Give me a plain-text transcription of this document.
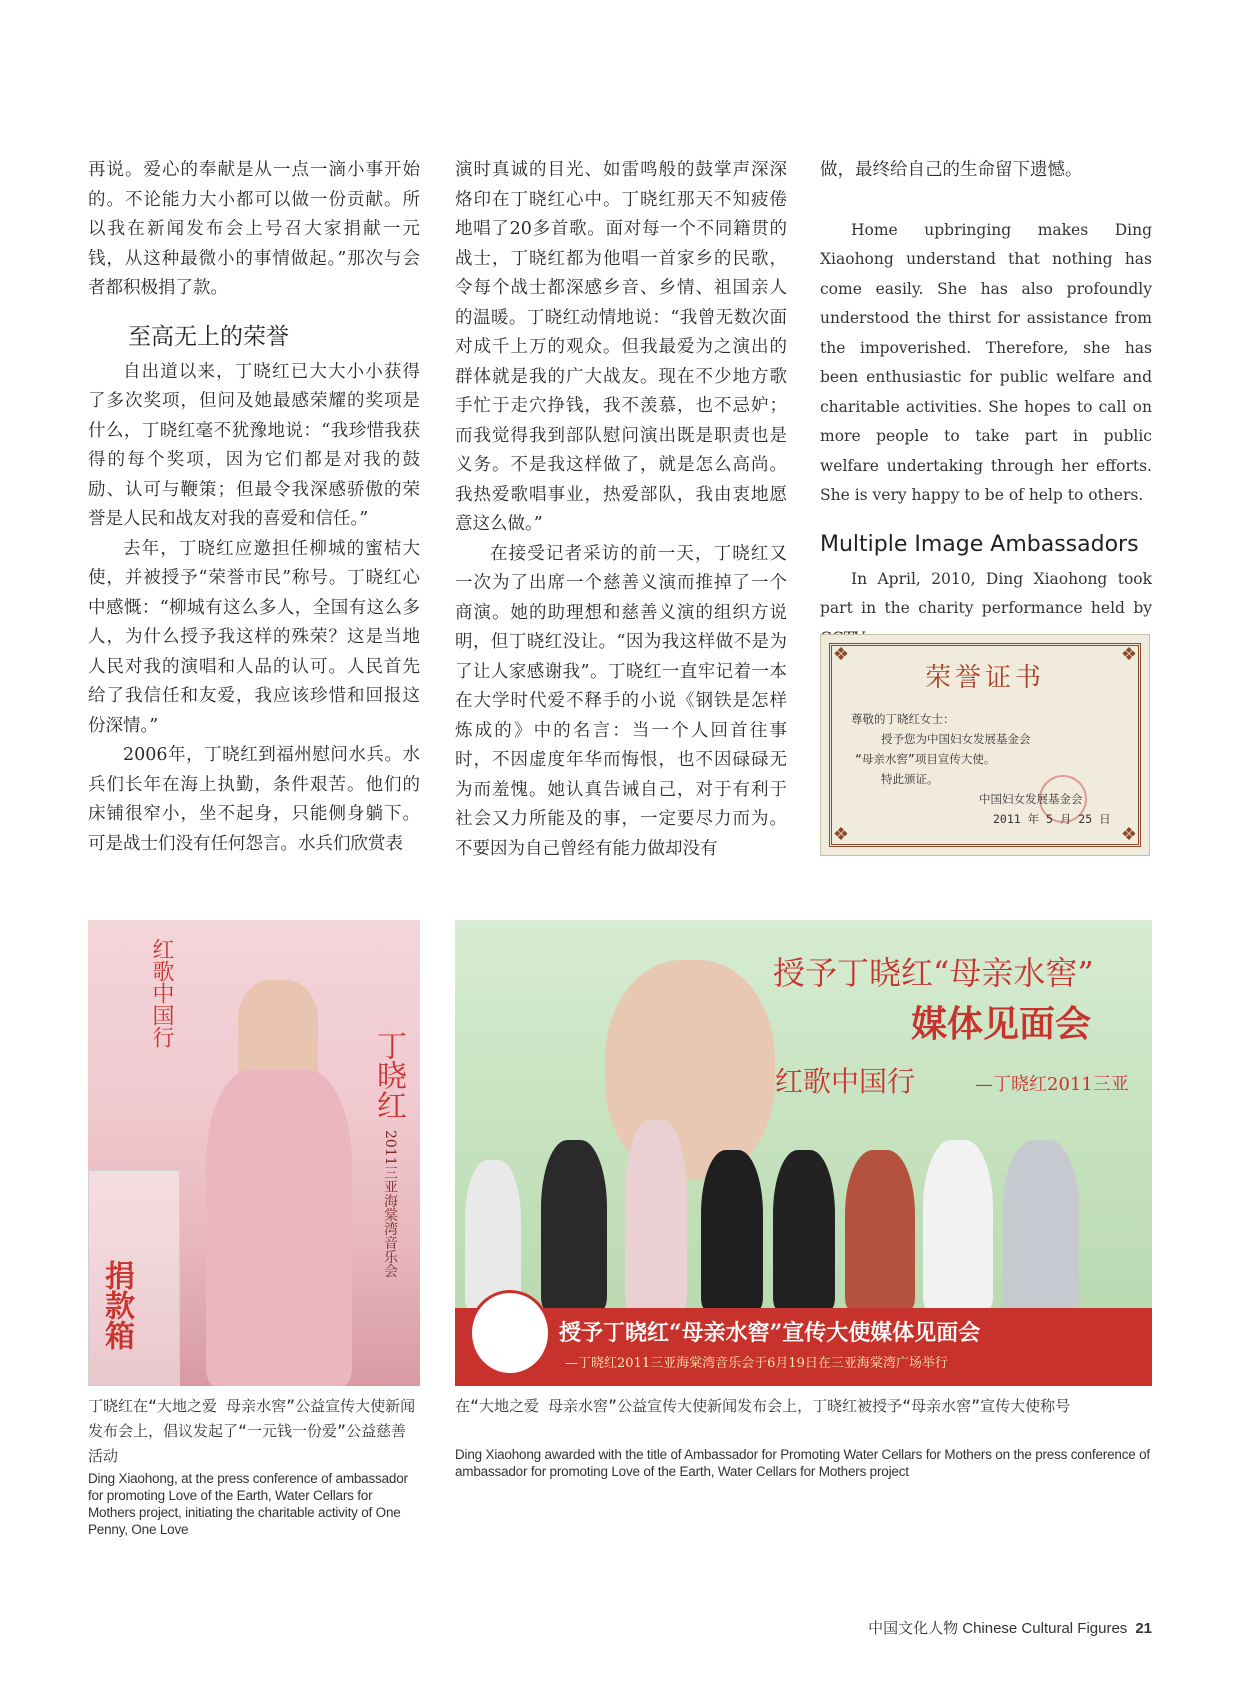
再说。爱心的奉献是从一点一滴小事开始的。不论能力大小都可以做一份贡献。所以我在新闻发布会上号召大家捐献一元钱，从这种最微小的事情做起。”那次与会者都积极捐了款。

至高无上的荣誉

自出道以来，丁晓红已大大小小获得了多次奖项，但问及她最感荣耀的奖项是什么，丁晓红毫不犹豫地说：“我珍惜我获得的每个奖项，因为它们都是对我的鼓励、认可与鞭策；但最令我深感骄傲的荣誉是人民和战友对我的喜爱和信任。”

去年，丁晓红应邀担任柳城的蜜桔大使，并被授予“荣誉市民”称号。丁晓红心中感慨：“柳城有这么多人，全国有这么多人，为什么授予我这样的殊荣？这是当地人民对我的演唱和人品的认可。人民首先给了我信任和友爱，我应该珍惜和回报这份深情。”

2006年，丁晓红到福州慰问水兵。水兵们长年在海上执勤，条件艰苦。他们的床铺很窄小，坐不起身，只能侧身躺下。可是战士们没有任何怨言。水兵们欣赏表

演时真诚的目光、如雷鸣般的鼓掌声深深烙印在丁晓红心中。丁晓红那天不知疲倦地唱了20多首歌。面对每一个不同籍贯的战士，丁晓红都为他唱一首家乡的民歌，令每个战士都深感乡音、乡情、祖国亲人的温暖。丁晓红动情地说：“我曾无数次面对成千上万的观众。但我最爱为之演出的群体就是我的广大战友。现在不少地方歌手忙于走穴挣钱，我不羡慕，也不忌妒；而我觉得我到部队慰问演出既是职责也是义务。不是我这样做了，就是怎么高尚。我热爱歌唱事业，热爱部队，我由衷地愿意这么做。”

在接受记者采访的前一天，丁晓红又一次为了出席一个慈善义演而推掉了一个商演。她的助理想和慈善义演的组织方说明，但丁晓红没让。“因为我这样做不是为了让人家感谢我”。丁晓红一直牢记着一本在大学时代爱不释手的小说《钢铁是怎样炼成的》中的名言：当一个人回首往事时，不因虚度年华而悔恨，也不因碌碌无为而羞愧。她认真告诫自己，对于有利于社会又力所能及的事，一定要尽力而为。不要因为自己曾经有能力做却没有

做，最终给自己的生命留下遗憾。

Home upbringing makes Ding Xiaohong understand that nothing has come easily. She has also profoundly understood the thirst for assistance from the impoverished. Therefore, she has been enthusiastic for public welfare and charitable activities. She hopes to call on more people to take part in public welfare undertaking through her efforts. She is very happy to be of help to others.

Multiple Image Ambassadors

In April, 2010, Ding Xiaohong took part in the charity performance held by

❖	❖
❖	❖
荣誉证书
尊敬的丁晓红女士：
授予您为中国妇女发展基金会
“母亲水窖”项目宣传大使。
特此颁证。
中国妇女发展基金会
2011 年 5 月 25 日
红歌中国行
丁晓红
2011三亚海棠湾音乐会
捐款箱
授予丁晓红“母亲水窖”
媒体见面会
红歌中国行	—丁晓红2011三亚
授予丁晓红“母亲水窖”宣传大使媒体见面会
—丁晓红2011三亚海棠湾音乐会于6月19日在三亚海棠湾广场举行
丁晓红在“大地之爱 母亲水窖”公益宣传大使新闻发布会上，倡议发起了“一元钱一份爱”公益慈善活动
Ding Xiaohong, at the press conference of ambassador for promoting Love of the Earth, Water Cellars for Mothers project, initiating the charitable activity of One Penny, One Love
在“大地之爱 母亲水窖”公益宣传大使新闻发布会上，丁晓红被授予“母亲水窖”宣传大使称号
Ding Xiaohong awarded with the title of Ambassador for Promoting Water Cellars for Mothers on the press conference of ambassador for promoting Love of the Earth, Water Cellars for Mothers project
中国文化人物 Chinese Cultural Figures 21
